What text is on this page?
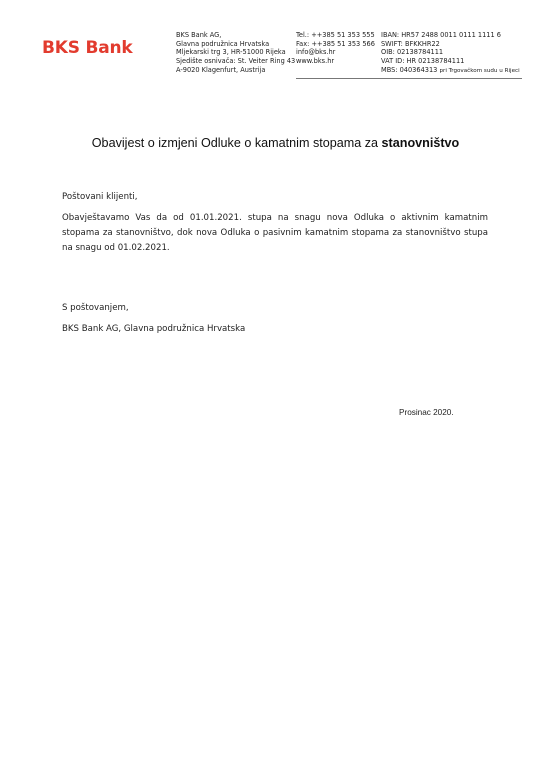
BKS Bank
BKS Bank AG,
Glavna podružnica Hrvatska
Mljekarski trg 3, HR-51000 Rijeka
Sjedište osnivača: St. Veiter Ring 43
A-9020 Klagenfurt, Austrija
Tel.: ++385 51 353 555
Fax: ++385 51 353 566
info@bks.hr
www.bks.hr
IBAN: HR57 2488 0011 0111 1111 6
SWIFT: BFKKHR22
OIB: 02138784111
VAT ID: HR 02138784111
MBS: 040364313 pri Trgovačkom sudu u Rijeci
Obavijest o izmjeni Odluke o kamatnim stopama za stanovništvo
Poštovani klijenti,
Obavještavamo Vas da od 01.01.2021. stupa na snagu nova Odluka o aktivnim kamatnim stopama za stanovništvo, dok nova Odluka o pasivnim kamatnim stopama za stanovništvo stupa na snagu od 01.02.2021.
S poštovanjem,
BKS Bank AG, Glavna podružnica Hrvatska
Prosinac 2020.
